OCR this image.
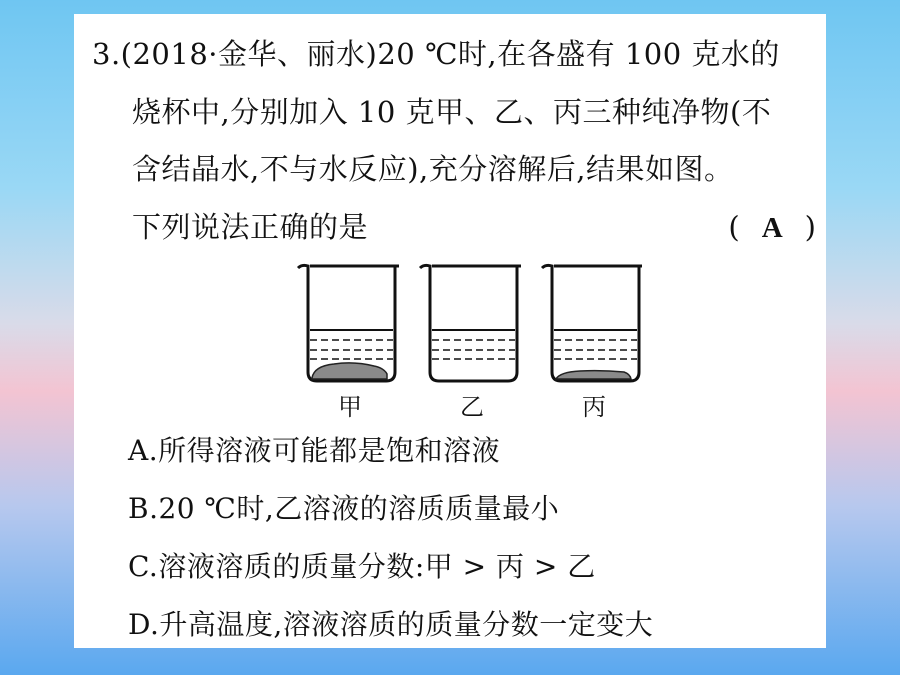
3.(2018·金华、丽水)20 ℃时,在各盛有 100 克水的
烧杯中,分别加入 10 克甲、乙、丙三种纯净物(不
含结晶水,不与水反应),充分溶解后,结果如图。
下列说法正确的是	( A )
甲	乙	丙
A.所得溶液可能都是饱和溶液
B.20 ℃时,乙溶液的溶质质量最小
C.溶液溶质的质量分数:甲 > 丙 > 乙
D.升高温度,溶液溶质的质量分数一定变大
